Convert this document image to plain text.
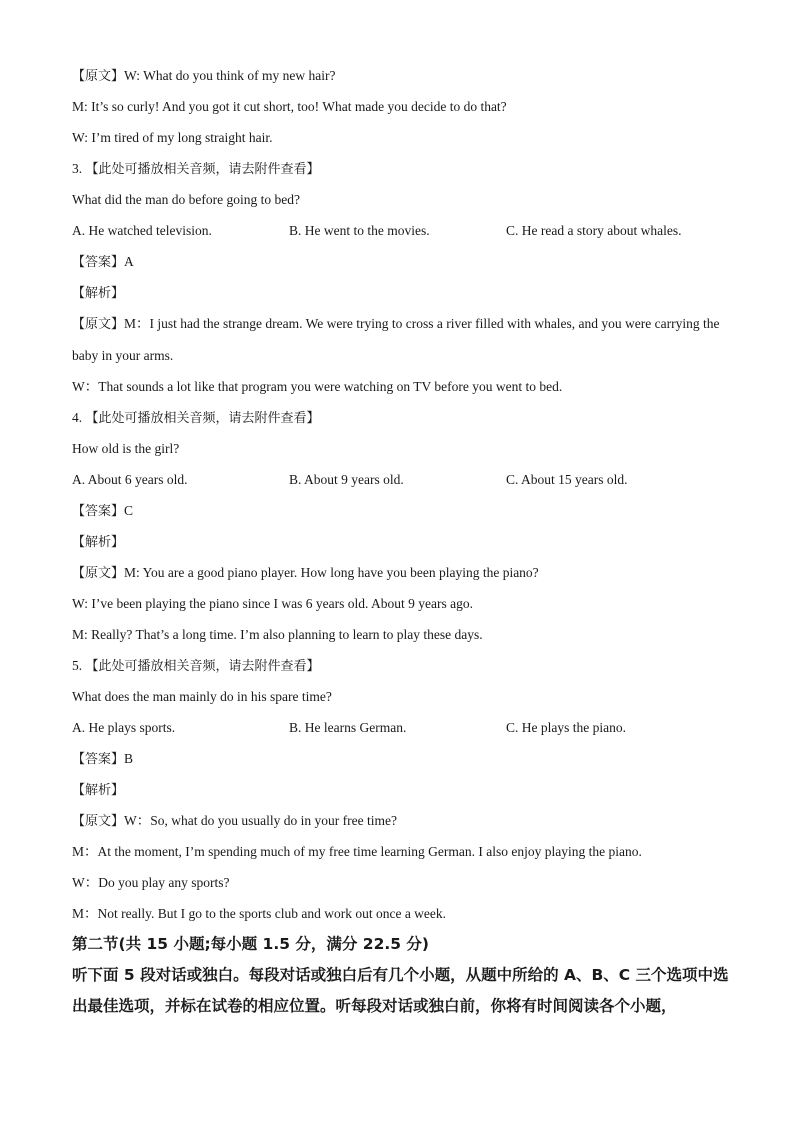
【原文】W: What do you think of my new hair?
M: It’s so curly! And you got it cut short, too! What made you decide to do that?
W: I’m tired of my long straight hair.
3. 【此处可播放相关音频，请去附件查看】
What did the man do before going to bed?
A. He watched television.	B. He went to the movies.	C. He read a story about whales.
【答案】A
【解析】
【原文】M：I just had the strange dream. We were trying to cross a river filled with whales, and you were carrying the baby in your arms.
W：That sounds a lot like that program you were watching on TV before you went to bed.
4. 【此处可播放相关音频，请去附件查看】
How old is the girl?
A. About 6 years old.	B. About 9 years old.	C. About 15 years old.
【答案】C
【解析】
【原文】M: You are a good piano player. How long have you been playing the piano?
W: I’ve been playing the piano since I was 6 years old. About 9 years ago.
M: Really? That’s a long time. I’m also planning to learn to play these days.
5. 【此处可播放相关音频，请去附件查看】
What does the man mainly do in his spare time?
A. He plays sports.	B. He learns German.	C. He plays the piano.
【答案】B
【解析】
【原文】W：So, what do you usually do in your free time?
M：At the moment, I’m spending much of my free time learning German. I also enjoy playing the piano.
W：Do you play any sports?
M：Not really. But I go to the sports club and work out once a week.
第二节(共 15 小题;每小题 1.5 分，满分 22.5 分)
听下面 5 段对话或独白。每段对话或独白后有几个小题，从题中所给的 A、B、C 三个选项中选出最佳选项，并标在试卷的相应位置。听每段对话或独白前，你将有时间阅读各个小题，
